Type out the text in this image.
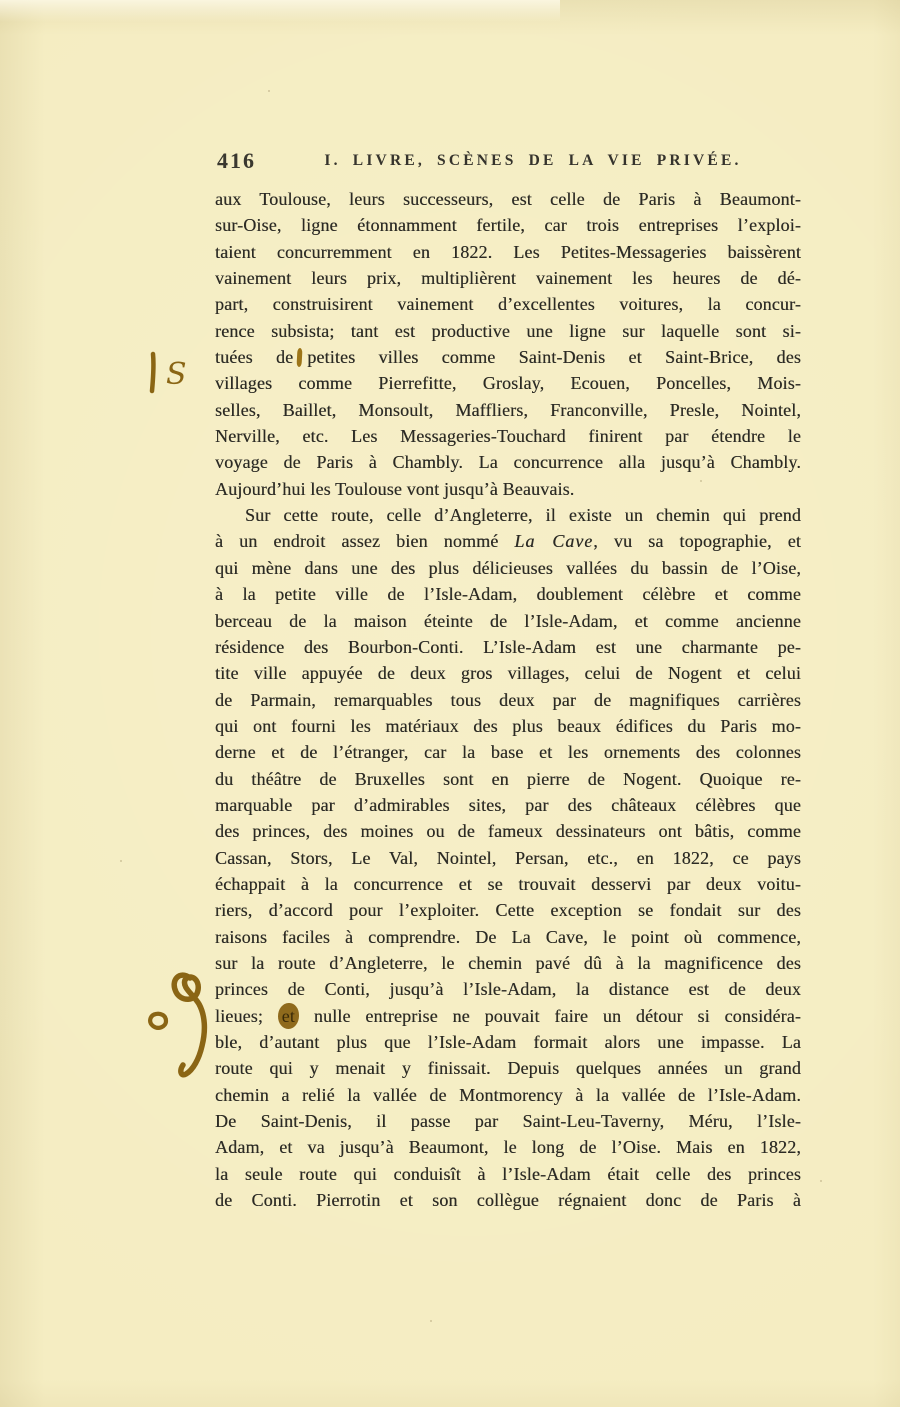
416	I. LIVRE, SCÈNES DE LA VIE PRIVÉE.
aux Toulouse, leurs successeurs, est celle de Paris à Beaumont-
sur-Oise, ligne étonnamment fertile, car trois entreprises l’exploi-
taient concurremment en 1822. Les Petites-Messageries baissèrent
vainement leurs prix, multiplièrent vainement les heures de dé-
part, construisirent vainement d’excellentes voitures, la concur-
rence subsista; tant est productive une ligne sur laquelle sont si-
tuées de petites villes comme Saint-Denis et Saint-Brice, des
villages comme Pierrefitte, Groslay, Ecouen, Poncelles, Mois-
selles, Baillet, Monsoult, Maffliers, Franconville, Presle, Nointel,
Nerville, etc. Les Messageries-Touchard finirent par étendre le
voyage de Paris à Chambly. La concurrence alla jusqu’à Chambly.
Aujourd’hui les Toulouse vont jusqu’à Beauvais.
Sur cette route, celle d’Angleterre, il existe un chemin qui prend
à un endroit assez bien nommé La Cave, vu sa topographie, et
qui mène dans une des plus délicieuses vallées du bassin de l’Oise,
à la petite ville de l’Isle-Adam, doublement célèbre et comme
berceau de la maison éteinte de l’Isle-Adam, et comme ancienne
résidence des Bourbon-Conti. L’Isle-Adam est une charmante pe-
tite ville appuyée de deux gros villages, celui de Nogent et celui
de Parmain, remarquables tous deux par de magnifiques carrières
qui ont fourni les matériaux des plus beaux édifices du Paris mo-
derne et de l’étranger, car la base et les ornements des colonnes
du théâtre de Bruxelles sont en pierre de Nogent. Quoique re-
marquable par d’admirables sites, par des châteaux célèbres que
des princes, des moines ou de fameux dessinateurs ont bâtis, comme
Cassan, Stors, Le Val, Nointel, Persan, etc., en 1822, ce pays
échappait à la concurrence et se trouvait desservi par deux voitu-
riers, d’accord pour l’exploiter. Cette exception se fondait sur des
raisons faciles à comprendre. De La Cave, le point où commence,
sur la route d’Angleterre, le chemin pavé dû à la magnificence des
princes de Conti, jusqu’à l’Isle-Adam, la distance est de deux
lieues; et nulle entreprise ne pouvait faire un détour si considéra-
ble, d’autant plus que l’Isle-Adam formait alors une impasse. La
route qui y menait y finissait. Depuis quelques années un grand
chemin a relié la vallée de Montmorency à la vallée de l’Isle-Adam.
De Saint-Denis, il passe par Saint-Leu-Taverny, Méru, l’Isle-
Adam, et va jusqu’à Beaumont, le long de l’Oise. Mais en 1822,
la seule route qui conduisît à l’Isle-Adam était celle des princes
de Conti. Pierrotin et son collègue régnaient donc de Paris à
S
